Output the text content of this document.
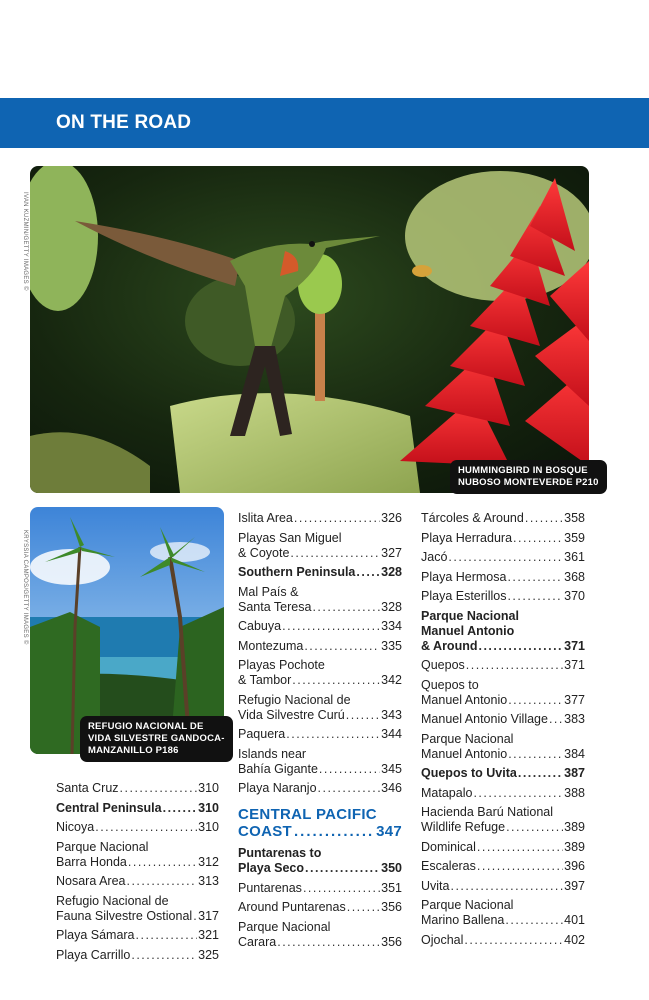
ON THE ROAD
IVAN KUZMIN/GETTY IMAGES ©
HUMMINGBIRD IN BOSQUE
NUBOSO MONTEVERDE P210
KRYSSIA CAMPOS/GETTY IMAGES ©
REFUGIO NACIONAL DE
VIDA SILVESTRE GANDOCA-
MANZANILLO P186
Santa Cruz .....	310
Central Peninsula .....	310
Nicoya .....	310
Parque Nacional
Barra Honda .....	312
Nosara Area .....	313
Refugio Nacional de
Fauna Silvestre Ostional ..... 317
Playa Sámara .....	321
Playa Carrillo .....	325
Islita Area .....	326
Playas San Miguel
& Coyote .....	327
Southern Peninsula ..... 328
Mal País &
Santa Teresa .....	328
Cabuya .....	334
Montezuma .....	335
Playas Pochote
& Tambor .....	342
Refugio Nacional de
Vida Silvestre Curú .....	343
Paquera .....	344
Islands near
Bahía Gigante .....	345
Playa Naranjo .....	346
CENTRAL PACIFIC
COAST .....	347
Puntarenas to
Playa Seco .....	350
Puntarenas .....	351
Around Puntarenas .....	356
Parque Nacional
Carara .....	356
Tárcoles & Around .....	358
Playa Herradura .....	359
Jacó .....	361
Playa Hermosa .....	368
Playa Esterillos .....	370
Parque Nacional
Manuel Antonio
& Around .....	371
Quepos .....	371
Quepos to
Manuel Antonio .....	377
Manuel Antonio Village ..... 383
Parque Nacional
Manuel Antonio .....	384
Quepos to Uvita .....	387
Matapalo .....	388
Hacienda Barú National
Wildlife Refuge .....	389
Dominical .....	389
Escaleras .....	396
Uvita .....	397
Parque Nacional
Marino Ballena .....	401
Ojochal .....	402
